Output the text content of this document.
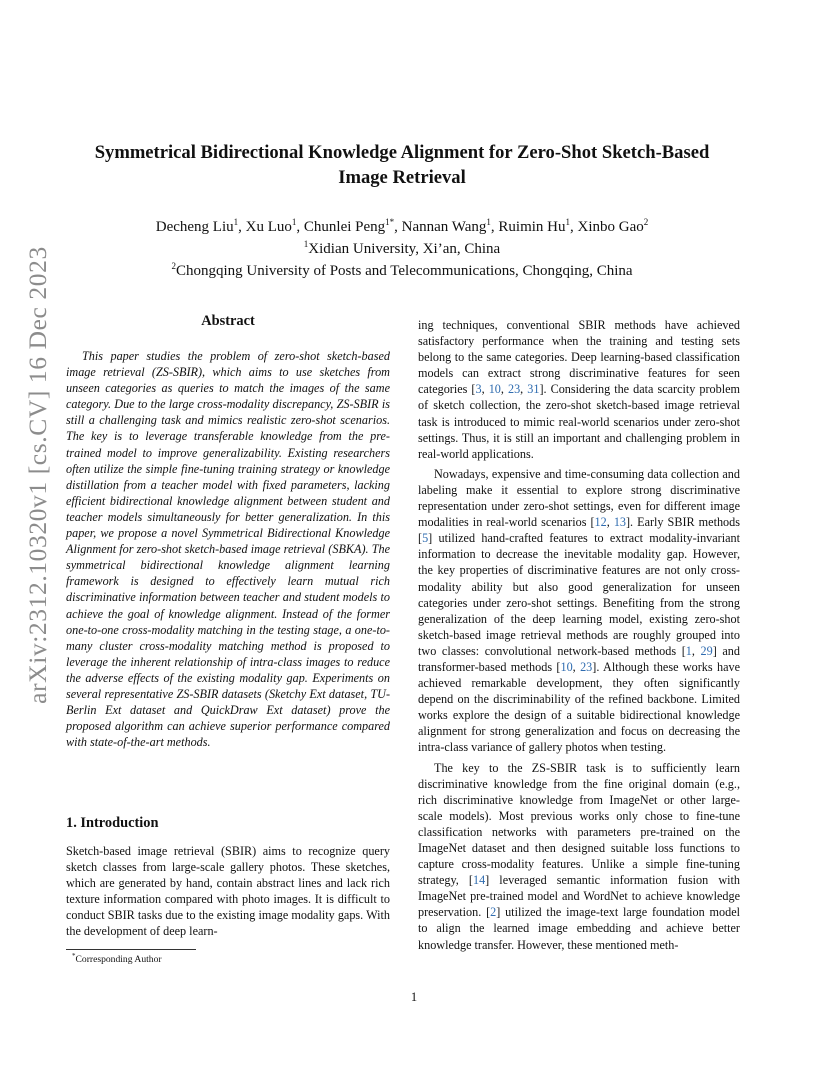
arXiv:2312.10320v1 [cs.CV] 16 Dec 2023
Symmetrical Bidirectional Knowledge Alignment for Zero-Shot Sketch-Based
Image Retrieval
Decheng Liu$^1$, Xu Luo$^1$, Chunlei Peng$^{1*}$, Nannan Wang$^1$, Ruimin Hu$^1$, Xinbo Gao$^2$
$^1$Xidian University, Xi’an, China
$^2$Chongqing University of Posts and Telecommunications, Chongqing, China
Abstract
This paper studies the problem of zero-shot sketch-based image retrieval (ZS-SBIR), which aims to use sketches from unseen categories as queries to match the images of the same category. Due to the large cross-modality discrepancy, ZS-SBIR is still a challenging task and mimics realistic zero-shot scenarios. The key is to leverage transferable knowledge from the pre-trained model to improve generalizability. Existing researchers often utilize the simple fine-tuning training strategy or knowledge distillation from a teacher model with fixed parameters, lacking efficient bidirectional knowledge alignment between student and teacher models simultaneously for better generalization. In this paper, we propose a novel Symmetrical Bidirectional Knowledge Alignment for zero-shot sketch-based image retrieval (SBKA). The symmetrical bidirectional knowledge alignment learning framework is designed to effectively learn mutual rich discriminative information between teacher and student models to achieve the goal of knowledge alignment. Instead of the former one-to-one cross-modality matching in the testing stage, a one-to-many cluster cross-modality matching method is proposed to leverage the inherent relationship of intra-class images to reduce the adverse effects of the existing modality gap. Experiments on several representative ZS-SBIR datasets (Sketchy Ext dataset, TU-Berlin Ext dataset and QuickDraw Ext dataset) prove the proposed algorithm can achieve superior performance compared with state-of-the-art methods.
1. Introduction
Sketch-based image retrieval (SBIR) aims to recognize query sketch classes from large-scale gallery photos. These sketches, which are generated by hand, contain abstract lines and lack rich texture information compared with photo images. It is difficult to conduct SBIR tasks due to the existing image modality gaps. With the development of deep learn-

ing techniques, conventional SBIR methods have achieved satisfactory performance when the training and testing sets belong to the same categories. Deep learning-based classification models can extract strong discriminative features for seen categories [3, 10, 23, 31]. Considering the data scarcity problem of sketch collection, the zero-shot sketch-based image retrieval task is introduced to mimic real-world scenarios under zero-shot settings. Thus, it is still an important and challenging problem in real-world applications.

Nowadays, expensive and time-consuming data collection and labeling make it essential to explore strong discriminative representation under zero-shot settings, even for different image modalities in real-world scenarios [12, 13]. Early SBIR methods [5] utilized hand-crafted features to extract modality-invariant information to decrease the inevitable modality gap. However, the key properties of discriminative features are not only cross-modality ability but also good generalization for unseen categories under zero-shot settings. Benefiting from the strong generalization of the deep learning model, existing zero-shot sketch-based image retrieval methods are roughly grouped into two classes: convolutional network-based methods [1, 29] and transformer-based methods [10, 23]. Although these works have achieved remarkable development, they often significantly depend on the discriminability of the refined backbone. Limited works explore the design of a suitable bidirectional knowledge alignment for strong generalization and focus on decreasing the intra-class variance of gallery photos when testing.

The key to the ZS-SBIR task is to sufficiently learn discriminative knowledge from the fine original domain (e.g., rich discriminative knowledge from ImageNet or other large-scale models). Most previous works only chose to fine-tune classification networks with parameters pre-trained on the ImageNet dataset and then designed suitable loss functions to capture cross-modality features. Unlike a simple fine-tuning strategy, [14] leveraged semantic information fusion with ImageNet pre-trained model and WordNet to achieve knowledge preservation. [2] utilized the image-text large foundation model to align the learned image embedding and achieve better knowledge transfer. However, these mentioned meth-

*Corresponding Author
1
